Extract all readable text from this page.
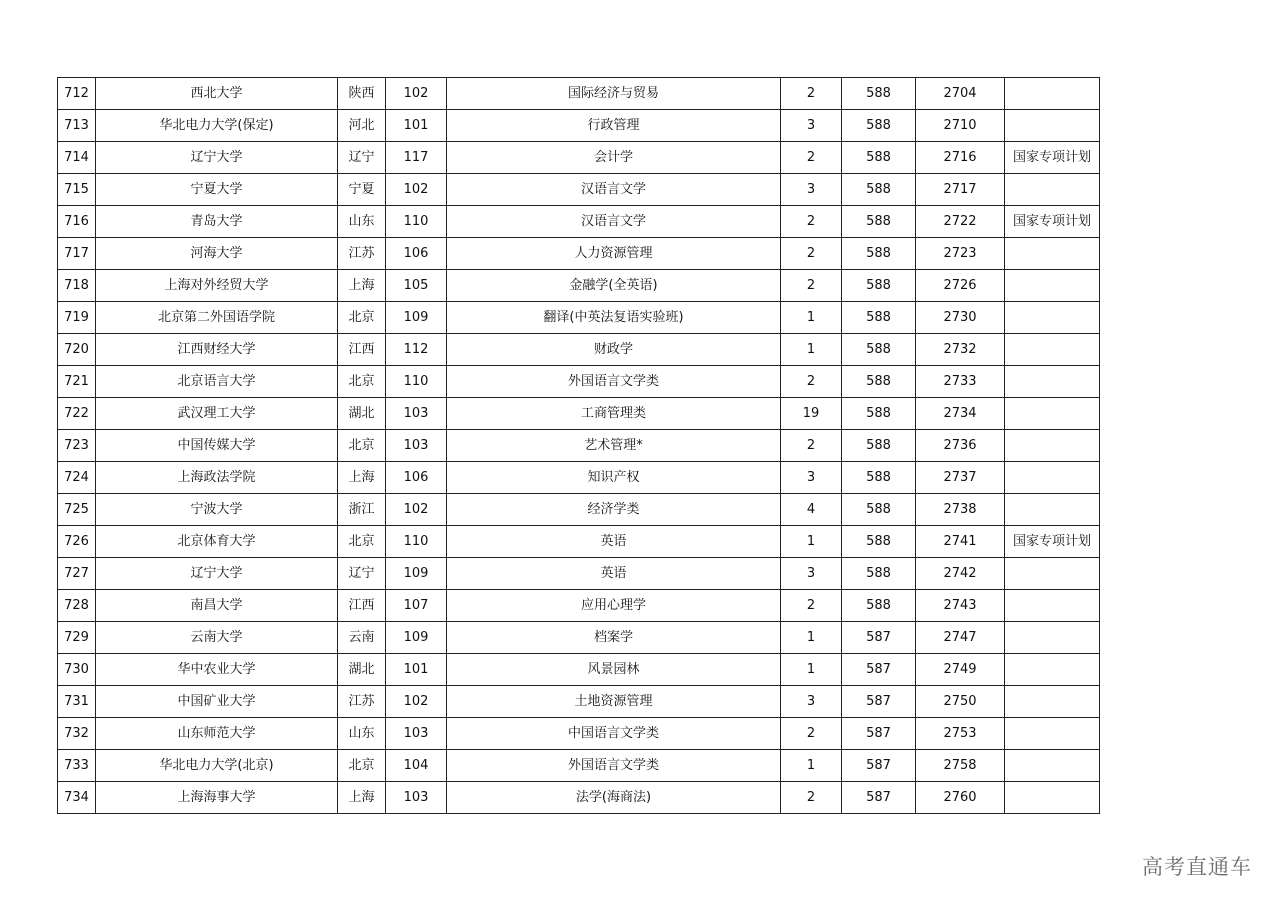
712	西北大学	陕西	102	国际经济与贸易	2	588	2704	
713	华北电力大学(保定)	河北	101	行政管理	3	588	2710	
714	辽宁大学	辽宁	117	会计学	2	588	2716	国家专项计划
715	宁夏大学	宁夏	102	汉语言文学	3	588	2717	
716	青岛大学	山东	110	汉语言文学	2	588	2722	国家专项计划
717	河海大学	江苏	106	人力资源管理	2	588	2723	
718	上海对外经贸大学	上海	105	金融学(全英语)	2	588	2726	
719	北京第二外国语学院	北京	109	翻译(中英法复语实验班)	1	588	2730	
720	江西财经大学	江西	112	财政学	1	588	2732	
721	北京语言大学	北京	110	外国语言文学类	2	588	2733	
722	武汉理工大学	湖北	103	工商管理类	19	588	2734	
723	中国传媒大学	北京	103	艺术管理*	2	588	2736	
724	上海政法学院	上海	106	知识产权	3	588	2737	
725	宁波大学	浙江	102	经济学类	4	588	2738	
726	北京体育大学	北京	110	英语	1	588	2741	国家专项计划
727	辽宁大学	辽宁	109	英语	3	588	2742	
728	南昌大学	江西	107	应用心理学	2	588	2743	
729	云南大学	云南	109	档案学	1	587	2747	
730	华中农业大学	湖北	101	风景园林	1	587	2749	
731	中国矿业大学	江苏	102	土地资源管理	3	587	2750	
732	山东师范大学	山东	103	中国语言文学类	2	587	2753	
733	华北电力大学(北京)	北京	104	外国语言文学类	1	587	2758	
734	上海海事大学	上海	103	法学(海商法)	2	587	2760	
高考直通车
